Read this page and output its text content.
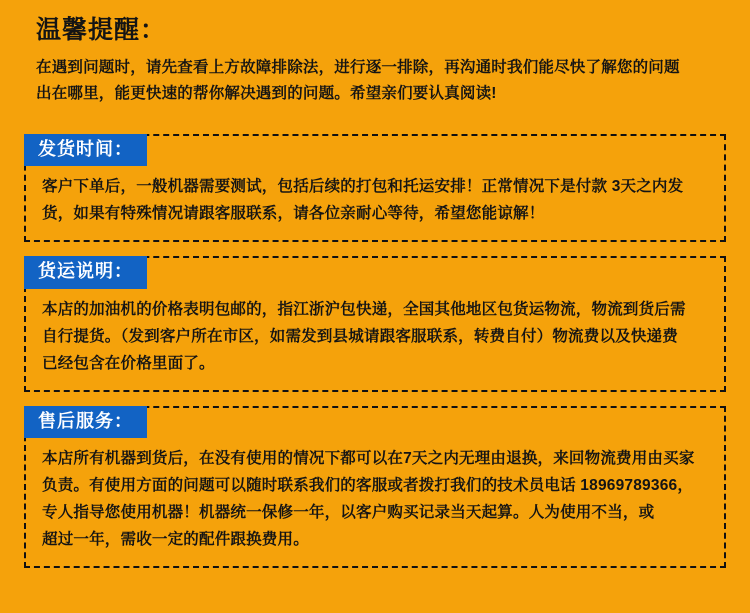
温馨提醒：

在遇到问题时，请先查看上方故障排除法，进行逐一排除，再沟通时我们能尽快了解您的问题

出在哪里，能更快速的帮你解决遇到的问题。希望亲们要认真阅读!

发货时间：

客户下单后，一般机器需要测试，包括后续的打包和托运安排！正常情况下是付款 3天之内发

货，如果有特殊情况请跟客服联系，请各位亲耐心等待，希望您能谅解！

货运说明：

本店的加油机的价格表明包邮的，指江浙沪包快递，全国其他地区包货运物流，物流到货后需

自行提货。（发到客户所在市区，如需发到县城请跟客服联系，转费自付）物流费以及快递费

已经包含在价格里面了。

售后服务：

本店所有机器到货后，在没有使用的情况下都可以在7天之内无理由退换，来回物流费用由买家

负责。有使用方面的问题可以随时联系我们的客服或者拨打我们的技术员电话 18969789366，

专人指导您使用机器！机器统一保修一年，以客户购买记录当天起算。人为使用不当，或

超过一年，需收一定的配件跟换费用。
